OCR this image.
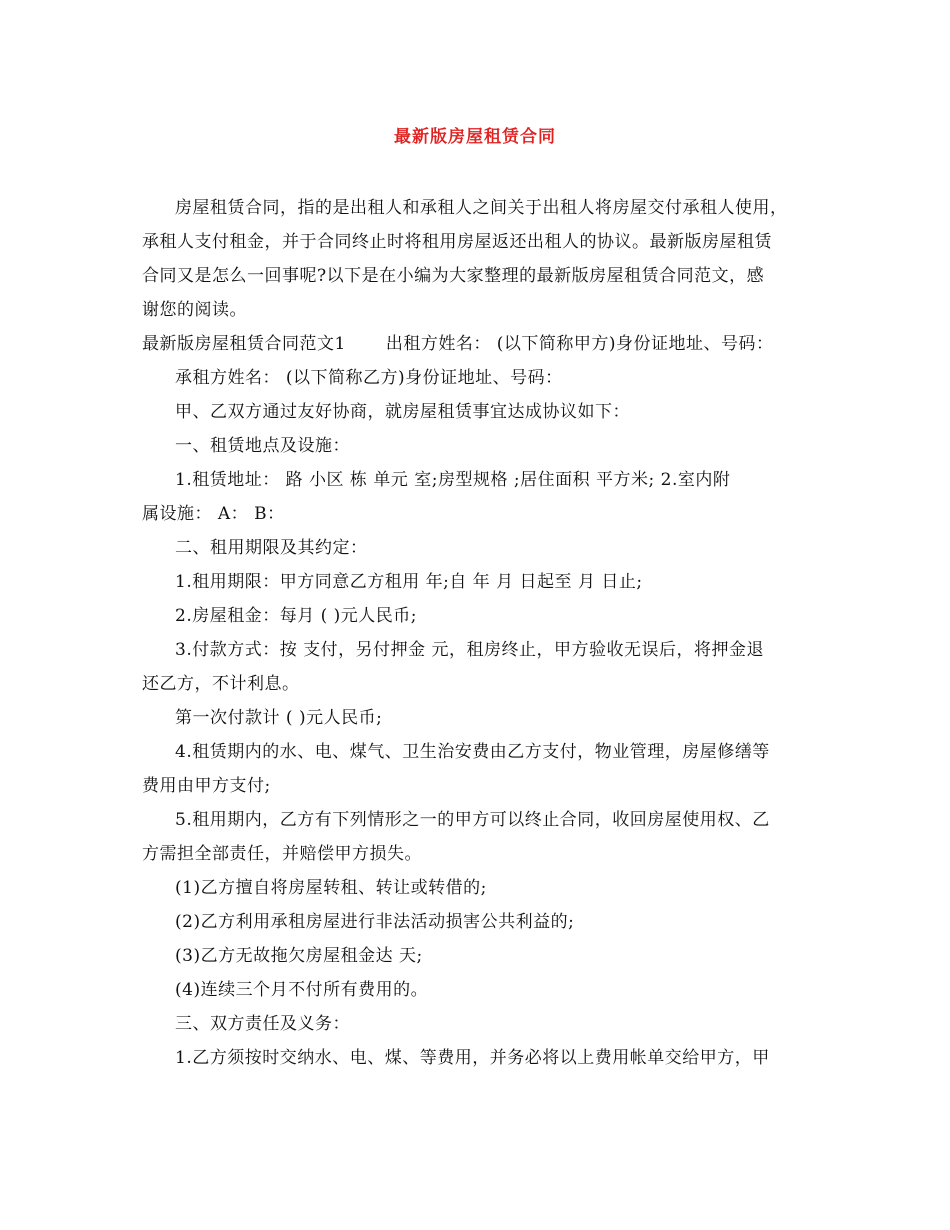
最新版房屋租赁合同
房屋租赁合同，指的是出租人和承租人之间关于出租人将房屋交付承租人使用，
承租人支付租金，并于合同终止时将租用房屋返还出租人的协议。最新版房屋租赁
合同又是怎么一回事呢?以下是在小编为大家整理的最新版房屋租赁合同范文，感
谢您的阅读。
最新版房屋租赁合同范文1 出租方姓名： (以下简称甲方)身份证地址、号码：
承租方姓名： (以下简称乙方)身份证地址、号码：
甲、乙双方通过友好协商，就房屋租赁事宜达成协议如下：
一、租赁地点及设施：
1.租赁地址： 路 小区 栋 单元 室;房型规格 ;居住面积 平方米; 2.室内附
属设施： A： B：
二、租用期限及其约定：
1.租用期限：甲方同意乙方租用 年;自 年 月 日起至 月 日止;
2.房屋租金：每月 ( )元人民币;
3.付款方式：按 支付，另付押金 元，租房终止，甲方验收无误后，将押金退
还乙方，不计利息。
第一次付款计 ( )元人民币;
4.租赁期内的水、电、煤气、卫生治安费由乙方支付，物业管理，房屋修缮等
费用由甲方支付;
5.租用期内，乙方有下列情形之一的甲方可以终止合同，收回房屋使用权、乙
方需担全部责任，并赔偿甲方损失。
(1)乙方擅自将房屋转租、转让或转借的;
(2)乙方利用承租房屋进行非法活动损害公共利益的;
(3)乙方无故拖欠房屋租金达 天;
(4)连续三个月不付所有费用的。
三、双方责任及义务：
1.乙方须按时交纳水、电、煤、等费用，并务必将以上费用帐单交给甲方，甲
